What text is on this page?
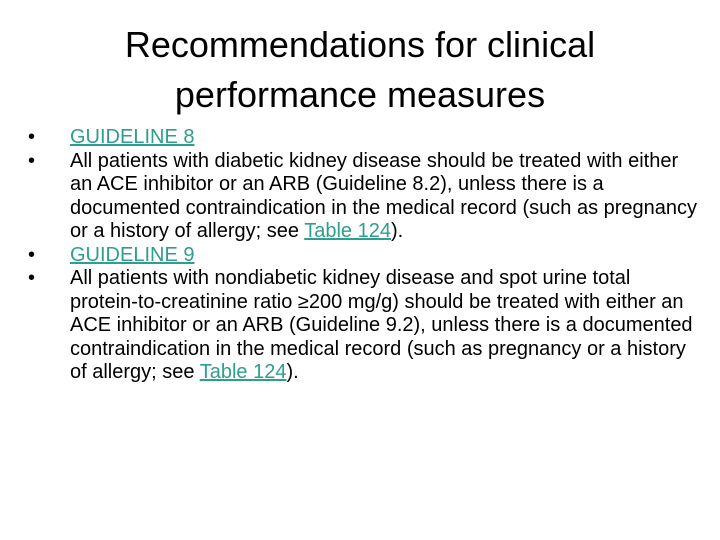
Recommendations for clinical
performance measures
•	GUIDELINE 8
•	All patients with diabetic kidney disease should be treated with either an ACE inhibitor or an ARB (Guideline 8.2), unless there is a documented contraindication in the medical record (such as pregnancy or a history of allergy; see Table 124).
•	GUIDELINE 9
•	All patients with nondiabetic kidney disease and spot urine total protein-to-creatinine ratio ≥200 mg/g) should be treated with either an ACE inhibitor or an ARB (Guideline 9.2), unless there is a documented contraindication in the medical record (such as pregnancy or a history of allergy; see Table 124).
